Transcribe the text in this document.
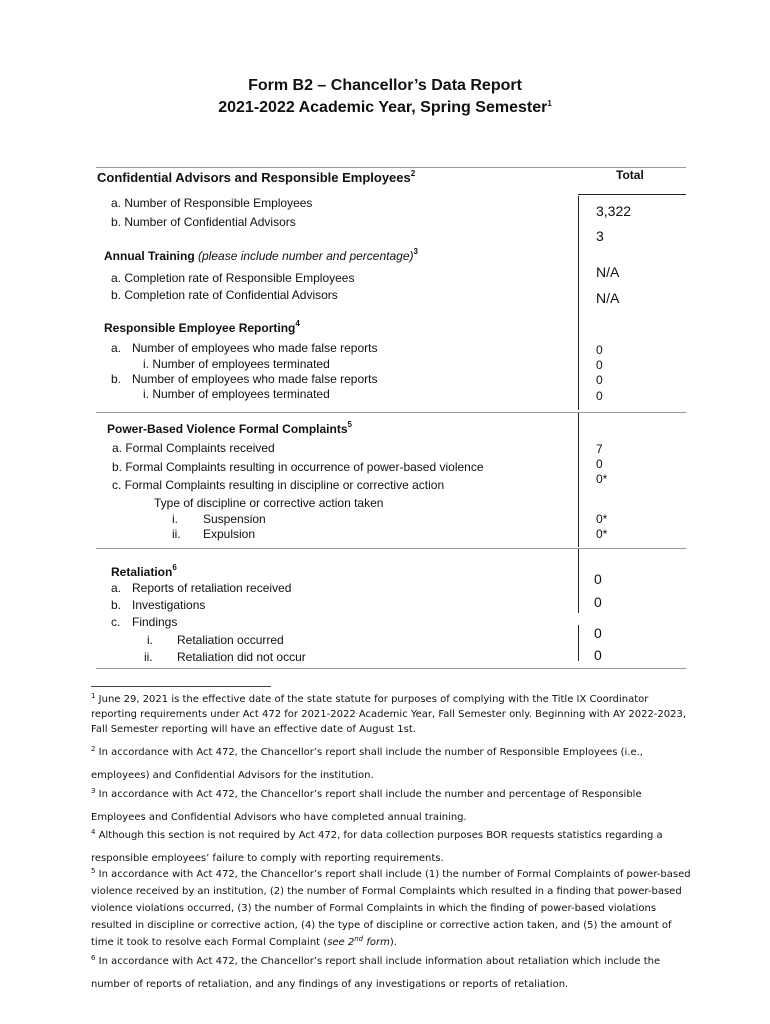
Form B2 – Chancellor’s Data Report
2021-2022 Academic Year, Spring Semester$^1$
Total
Confidential Advisors and Responsible Employees$^2$
a. Number of Responsible Employees
b. Number of Confidential Advisors
3,322
3
Annual Training (please include number and percentage)$^3$
a. Completion rate of Responsible Employees
b. Completion rate of Confidential Advisors
N/A
N/A
Responsible Employee Reporting$^4$
a. Number of employees who made false reports
i. Number of employees terminated
b. Number of employees who made false reports
i. Number of employees terminated
0
0
0
0
Power-Based Violence Formal Complaints$^5$
a. Formal Complaints received
b. Formal Complaints resulting in occurrence of power-based violence
c. Formal Complaints resulting in discipline or corrective action
7
0
0*
Type of discipline or corrective action taken
i. Suspension
ii. Expulsion
0*
0*
Retaliation$^6$
a. Reports of retaliation received
b. Investigations
c. Findings
0
0
i. Retaliation occurred
ii. Retaliation did not occur
0
0
$^1$ June 29, 2021 is the effective date of the state statute for purposes of complying with the Title IX Coordinator reporting requirements under Act 472 for 2021-2022 Academic Year, Fall Semester only. Beginning with AY 2022-2023, Fall Semester reporting will have an effective date of August 1st.
$^2$ In accordance with Act 472, the Chancellor’s report shall include the number of Responsible Employees (i.e., employees) and Confidential Advisors for the institution.
$^3$ In accordance with Act 472, the Chancellor’s report shall include the number and percentage of Responsible Employees and Confidential Advisors who have completed annual training.
$^4$ Although this section is not required by Act 472, for data collection purposes BOR requests statistics regarding a responsible employees’ failure to comply with reporting requirements.
$^5$ In accordance with Act 472, the Chancellor’s report shall include (1) the number of Formal Complaints of power-based violence received by an institution, (2) the number of Formal Complaints which resulted in a finding that power-based violence violations occurred, (3) the number of Formal Complaints in which the finding of power-based violations resulted in discipline or corrective action, (4) the type of discipline or corrective action taken, and (5) the amount of time it took to resolve each Formal Complaint (see 2nd form).
$^6$ In accordance with Act 472, the Chancellor’s report shall include information about retaliation which include the number of reports of retaliation, and any findings of any investigations or reports of retaliation.
